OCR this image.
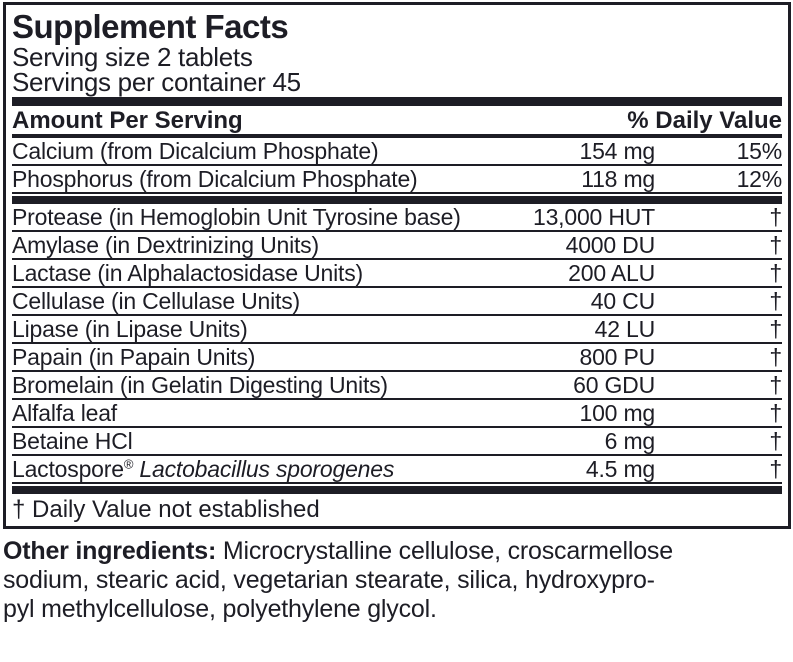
Supplement Facts
Serving size 2 tablets
Servings per container 45
Amount Per Serving	% Daily Value
Calcium (from Dicalcium Phosphate)	154 mg	15%
Phosphorus (from Dicalcium Phosphate)	118 mg	12%
Protease (in Hemoglobin Unit Tyrosine base)	13,000 HUT	†
Amylase (in Dextrinizing Units)	4000 DU	†
Lactase (in Alphalactosidase Units)	200 ALU	†
Cellulase (in Cellulase Units)	40 CU	†
Lipase (in Lipase Units)	42 LU	†
Papain (in Papain Units)	800 PU	†
Bromelain (in Gelatin Digesting Units)	60 GDU	†
Alfalfa leaf	100 mg	†
Betaine HCl	6 mg	†
Lactospore® Lactobacillus sporogenes	4.5 mg	†
† Daily Value not established
Other ingredients: Microcrystalline cellulose, croscarmellose
sodium, stearic acid, vegetarian stearate, silica, hydroxypro-
pyl methylcellulose, polyethylene glycol.
